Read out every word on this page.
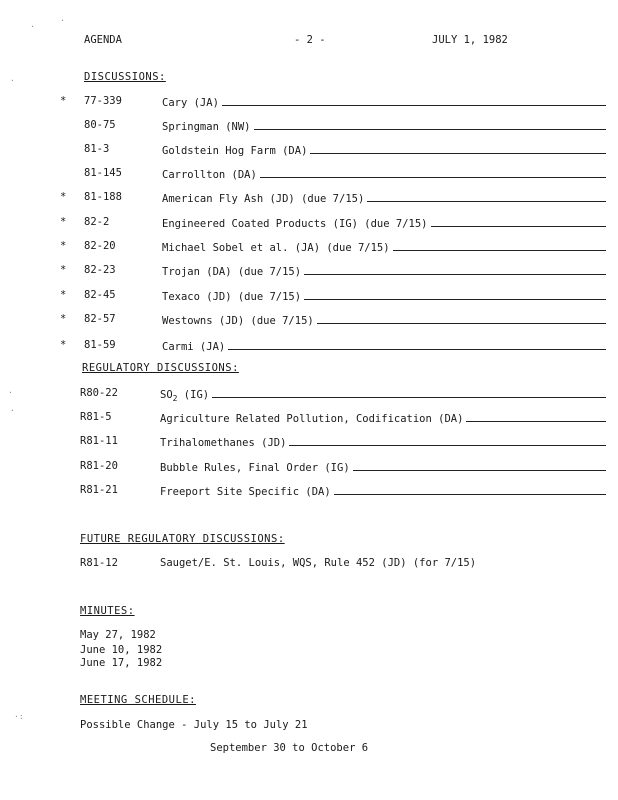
·
·
·
·
·
·:
AGENDA	- 2 -	JULY 1, 1982
DISCUSSIONS:
* 77-339	Cary (JA)
80-75	Springman (NW)
81-3	Goldstein Hog Farm (DA)
81-145	Carrollton (DA)
* 81-188	American Fly Ash (JD) (due 7/15)
* 82-2	Engineered Coated Products (IG) (due 7/15)
* 82-20	Michael Sobel et al. (JA) (due 7/15)
* 82-23	Trojan (DA) (due 7/15)
* 82-45	Texaco (JD) (due 7/15)
* 82-57	Westowns (JD) (due 7/15)
* 81-59	Carmi (JA)
REGULATORY DISCUSSIONS:
R80-22	$SO_2$ (IG)
R81-5	Agriculture Related Pollution, Codification (DA)
R81-11	Trihalomethanes (JD)
R81-20	Bubble Rules, Final Order (IG)
R81-21	Freeport Site Specific (DA)
FUTURE REGULATORY DISCUSSIONS:
R81-12	Sauget/E. St. Louis, WQS, Rule 452 (JD) (for 7/15)
MINUTES:
May 27, 1982
June 10, 1982
June 17, 1982
MEETING SCHEDULE:
Possible Change - July 15 to July 21
September 30 to October 6
